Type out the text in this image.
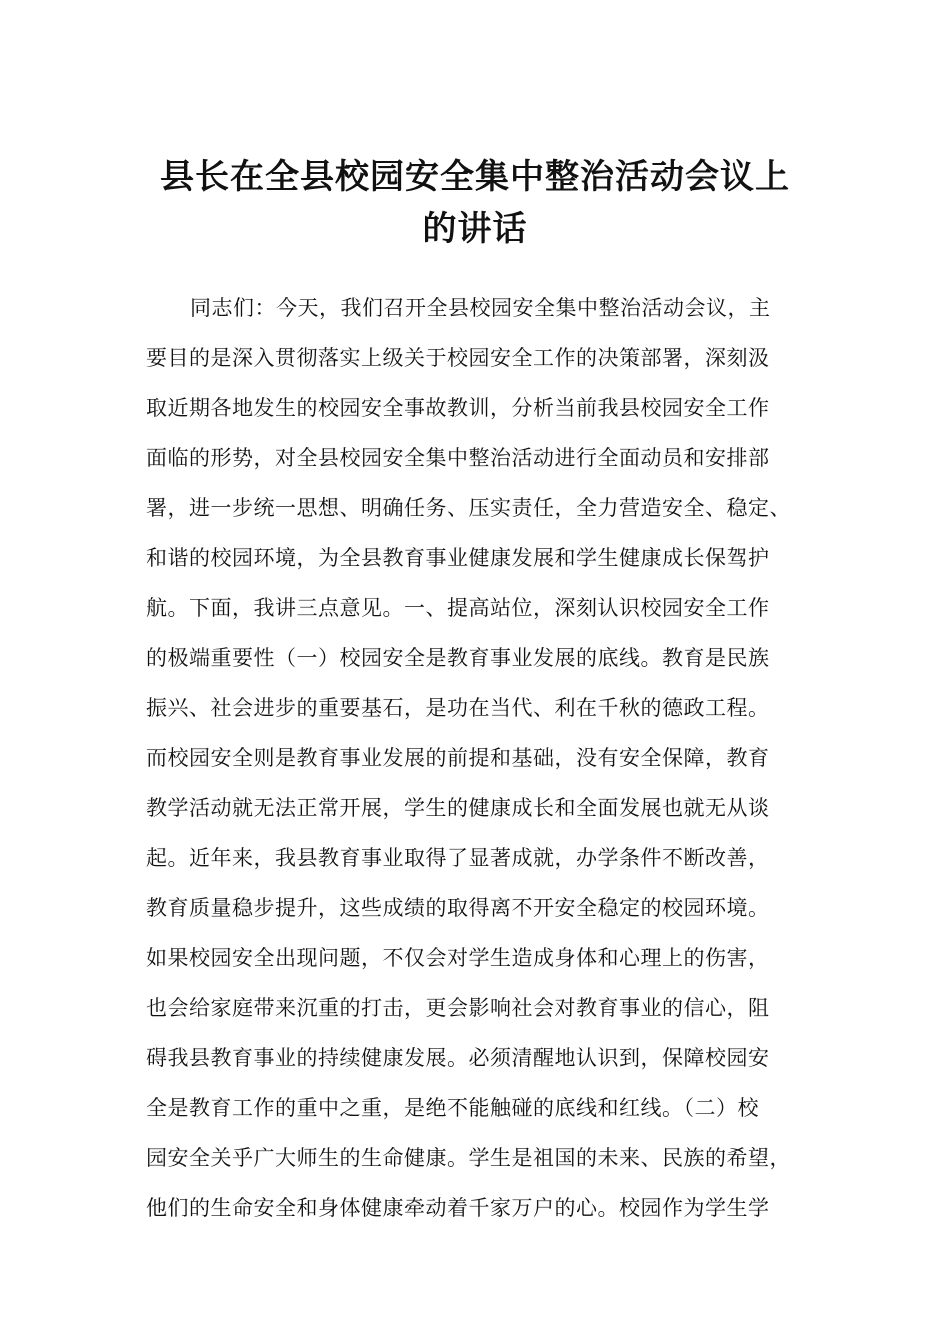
县长在全县校园安全集中整治活动会议上
的讲话
同志们：今天，我们召开全县校园安全集中整治活动会议，主
要目的是深入贯彻落实上级关于校园安全工作的决策部署，深刻汲
取近期各地发生的校园安全事故教训，分析当前我县校园安全工作
面临的形势，对全县校园安全集中整治活动进行全面动员和安排部
署，进一步统一思想、明确任务、压实责任，全力营造安全、稳定、
和谐的校园环境，为全县教育事业健康发展和学生健康成长保驾护
航。下面，我讲三点意见。一、提高站位，深刻认识校园安全工作
的极端重要性（一）校园安全是教育事业发展的底线。教育是民族
振兴、社会进步的重要基石，是功在当代、利在千秋的德政工程。
而校园安全则是教育事业发展的前提和基础，没有安全保障，教育
教学活动就无法正常开展，学生的健康成长和全面发展也就无从谈
起。近年来，我县教育事业取得了显著成就，办学条件不断改善，
教育质量稳步提升，这些成绩的取得离不开安全稳定的校园环境。
如果校园安全出现问题，不仅会对学生造成身体和心理上的伤害，
也会给家庭带来沉重的打击，更会影响社会对教育事业的信心，阻
碍我县教育事业的持续健康发展。必须清醒地认识到，保障校园安
全是教育工作的重中之重，是绝不能触碰的底线和红线。（二）校
园安全关乎广大师生的生命健康。学生是祖国的未来、民族的希望，
他们的生命安全和身体健康牵动着千家万户的心。校园作为学生学
